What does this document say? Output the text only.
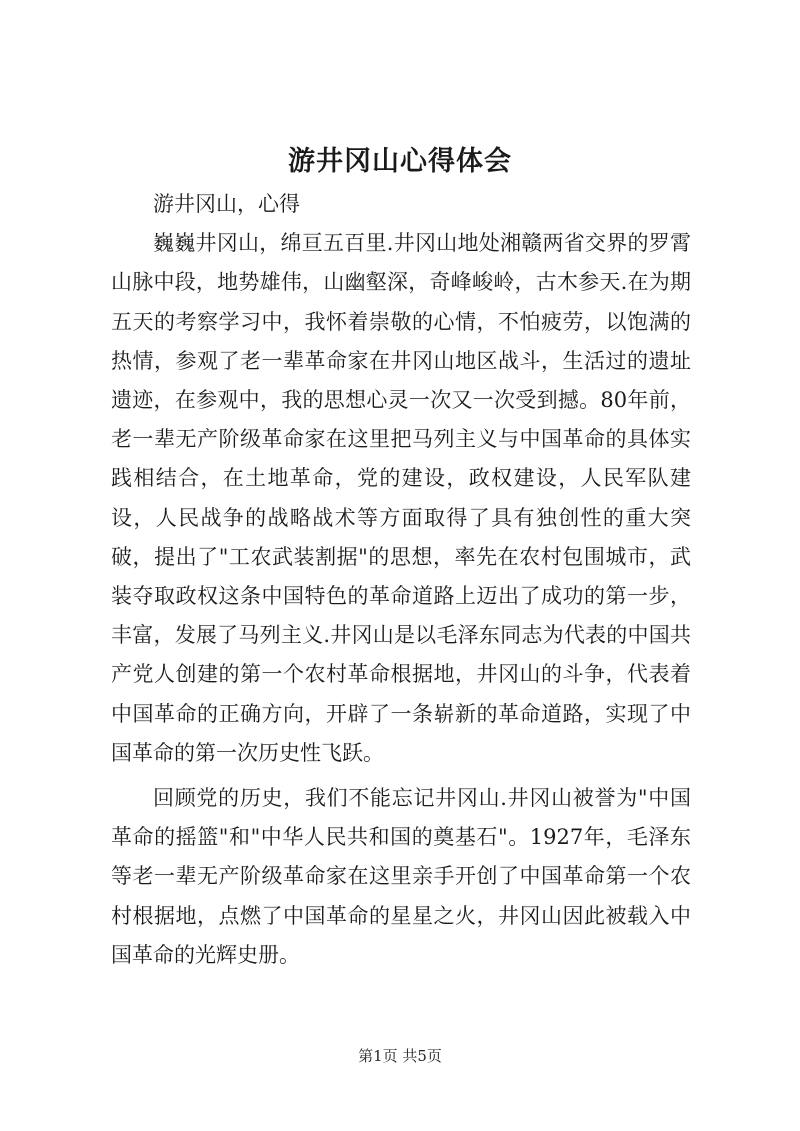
游井冈山心得体会

游井冈山，心得

巍巍井冈山，绵亘五百里.井冈山地处湘赣两省交界的罗霄山脉中段，地势雄伟，山幽壑深，奇峰峻岭，古木参天.在为期五天的考察学习中，我怀着崇敬的心情，不怕疲劳，以饱满的热情，参观了老一辈革命家在井冈山地区战斗，生活过的遗址遗迹，在参观中，我的思想心灵一次又一次受到撼。80年前，老一辈无产阶级革命家在这里把马列主义与中国革命的具体实践相结合，在土地革命，党的建设，政权建设，人民军队建设，人民战争的战略战术等方面取得了具有独创性的重大突破，提出了"工农武装割据"的思想，率先在农村包围城市，武装夺取政权这条中国特色的革命道路上迈出了成功的第一步，丰富，发展了马列主义.井冈山是以毛泽东同志为代表的中国共产党人创建的第一个农村革命根据地，井冈山的斗争，代表着中国革命的正确方向，开辟了一条崭新的革命道路，实现了中国革命的第一次历史性飞跃。

回顾党的历史，我们不能忘记井冈山.井冈山被誉为"中国革命的摇篮"和"中华人民共和国的奠基石"。1927年，毛泽东等老一辈无产阶级革命家在这里亲手开创了中国革命第一个农村根据地，点燃了中国革命的星星之火，井冈山因此被载入中国革命的光辉史册。

第1页 共5页
